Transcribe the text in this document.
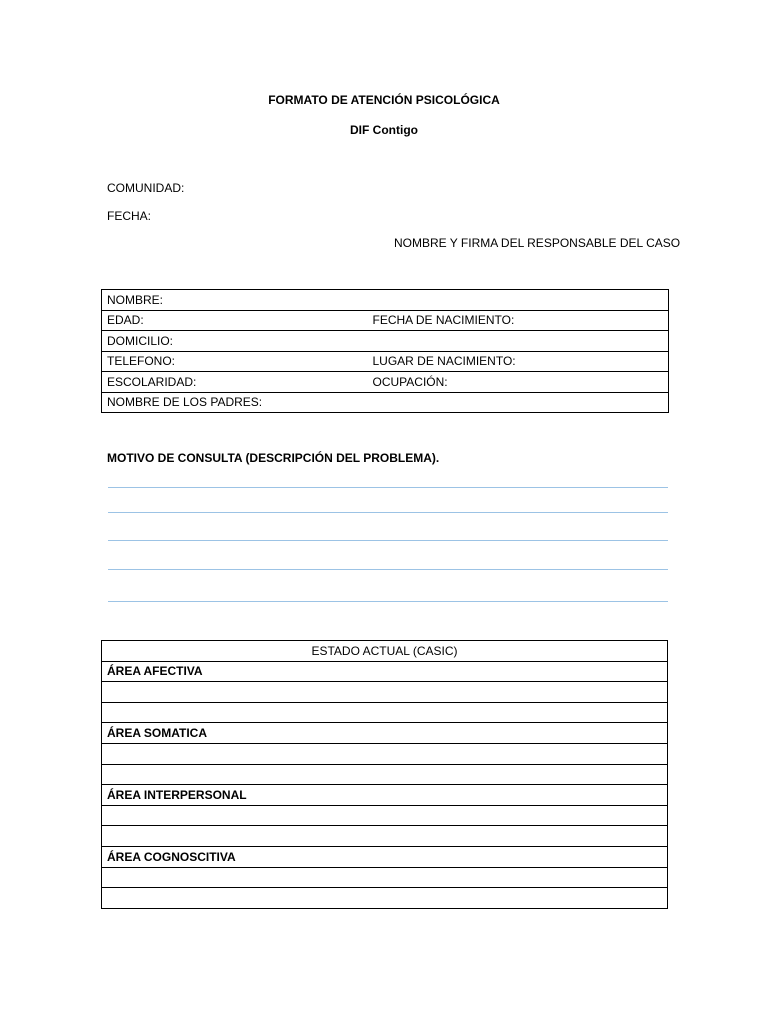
FORMATO DE ATENCIÓN PSICOLÓGICA
DIF Contigo
COMUNIDAD:
FECHA:
NOMBRE Y FIRMA DEL RESPONSABLE DEL CASO
NOMBRE:	
EDAD:	FECHA DE NACIMIENTO:
DOMICILIO:	
TELEFONO:	LUGAR DE NACIMIENTO:
ESCOLARIDAD:	OCUPACIÓN:
NOMBRE DE LOS PADRES:	
MOTIVO DE CONSULTA (DESCRIPCIÓN DEL PROBLEMA).
ESTADO ACTUAL (CASIC)
ÁREA AFECTIVA

ÁREA SOMATICA

ÁREA INTERPERSONAL

ÁREA COGNOSCITIVA
